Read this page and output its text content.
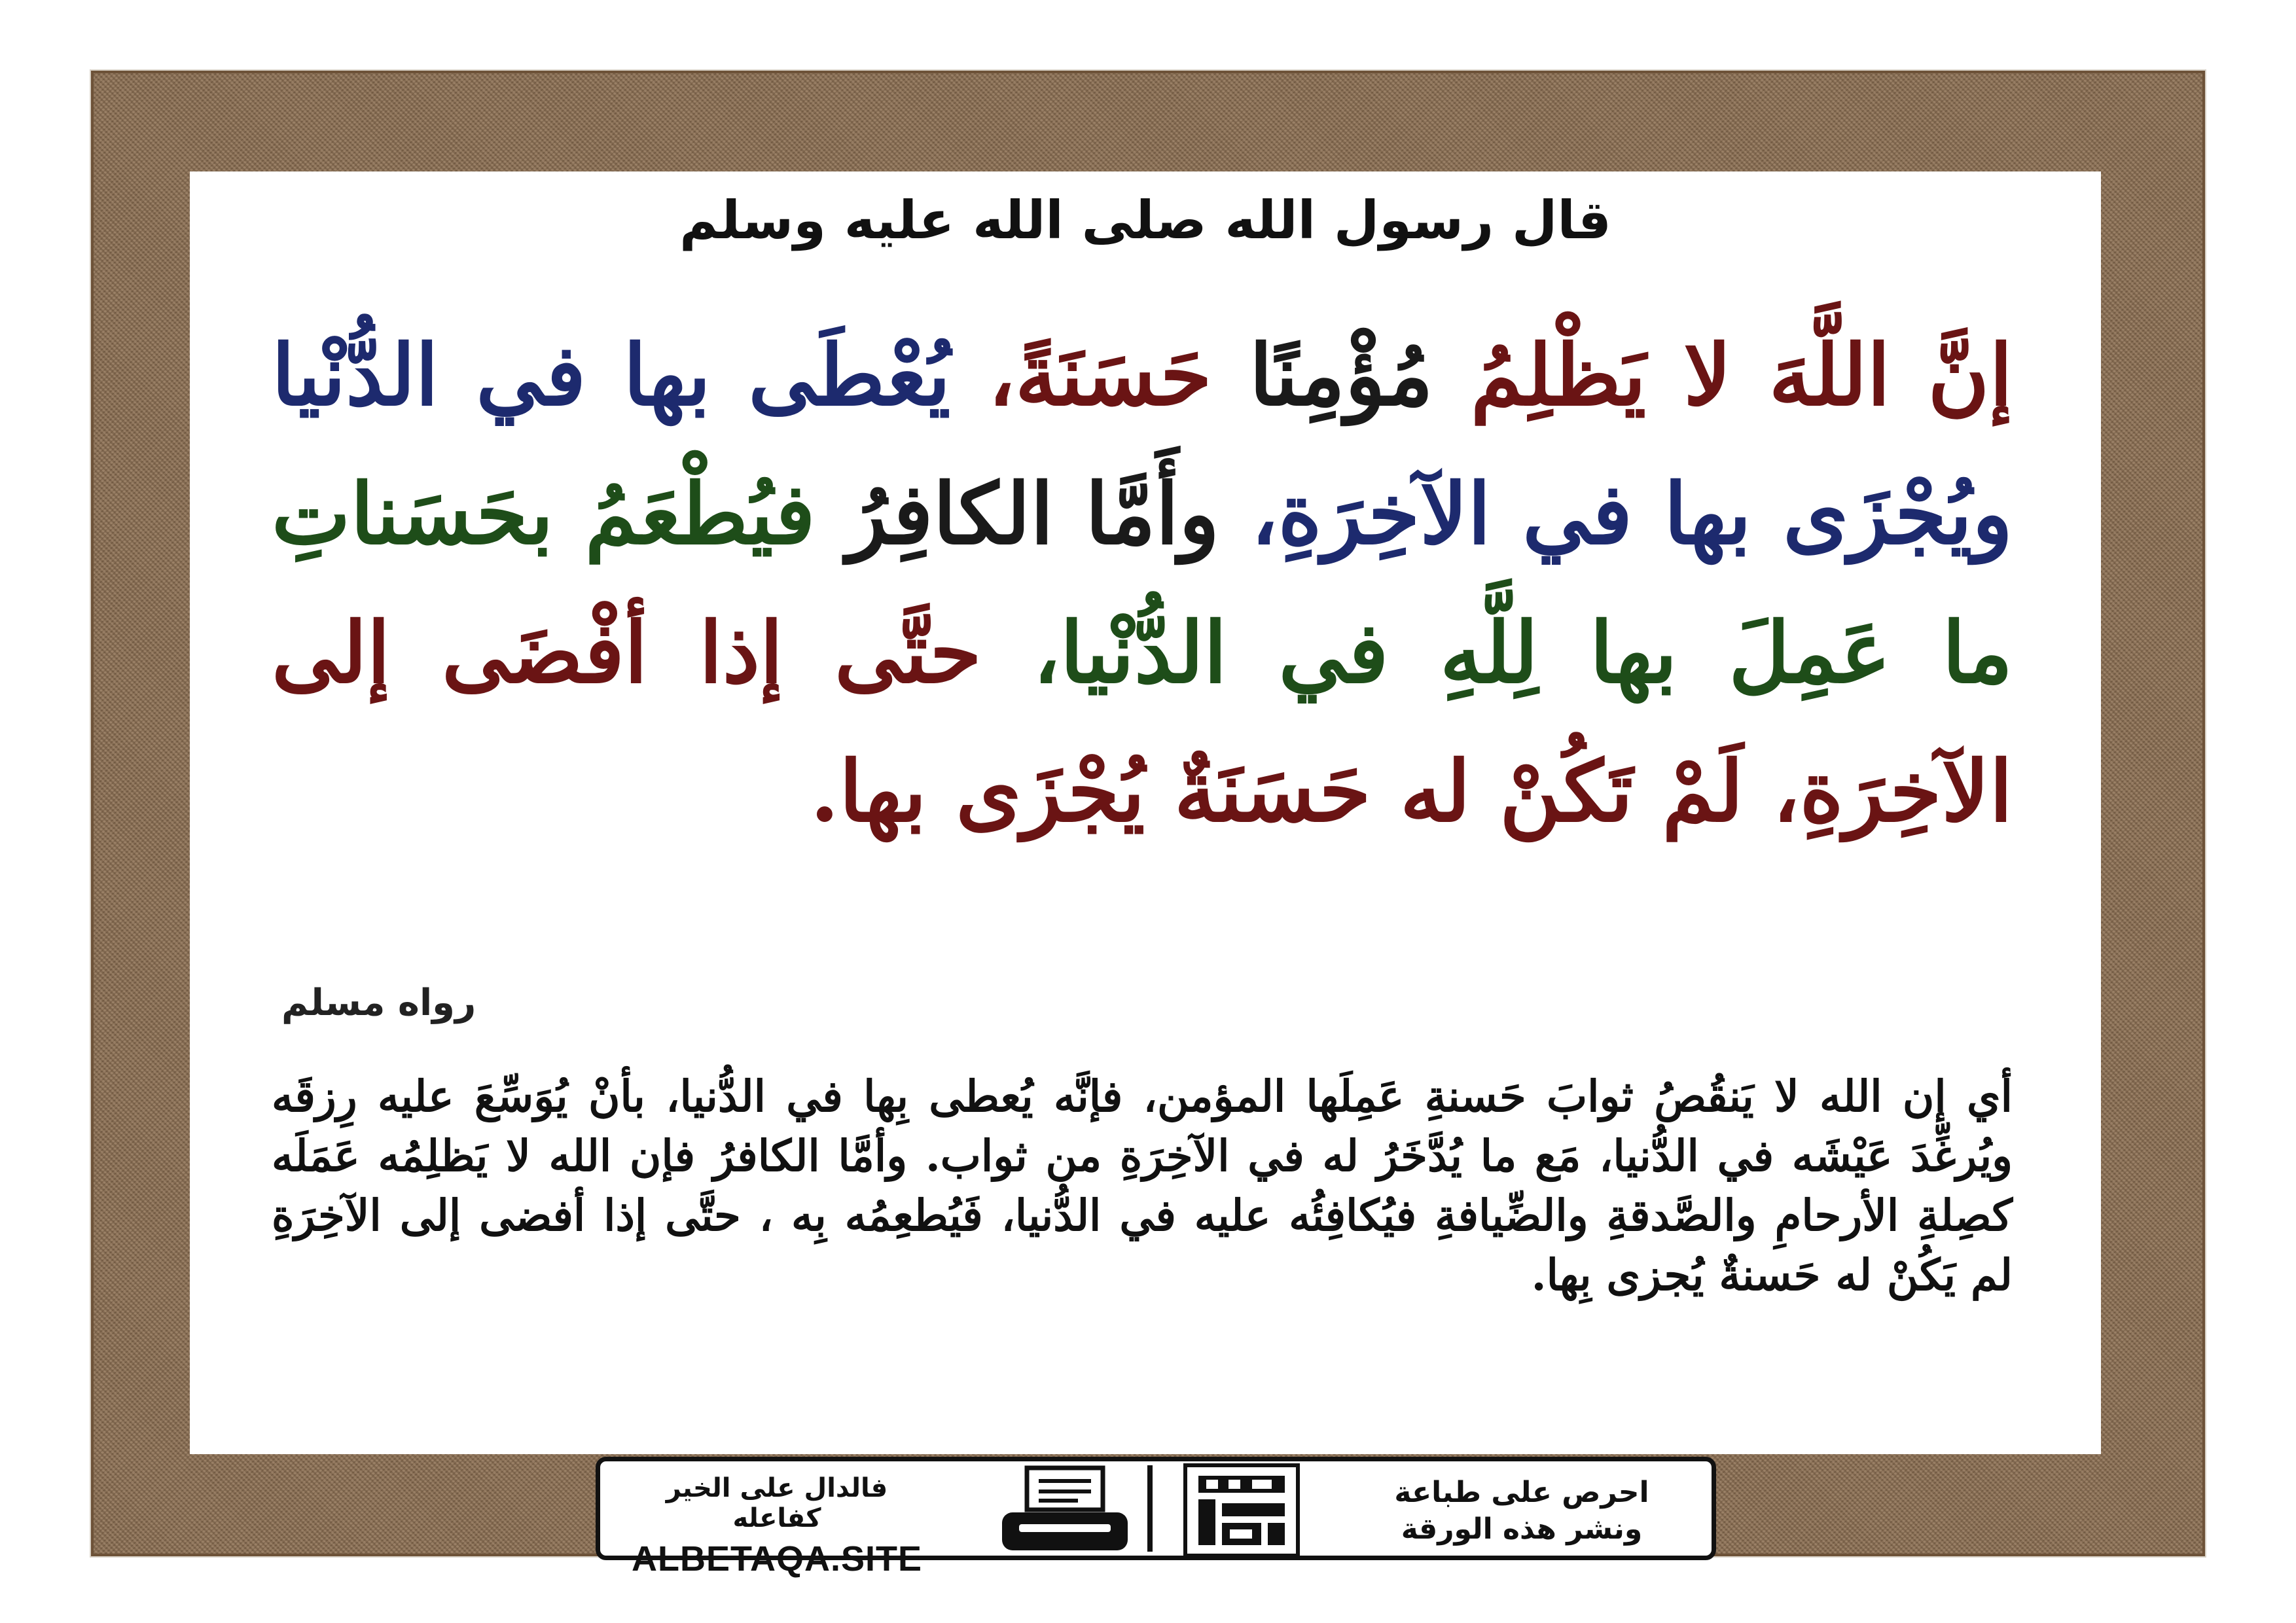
قال رسول الله صلى الله عليه وسلم
إنَّ اللَّهَ لا يَظْلِمُ مُؤْمِنًا حَسَنَةً، يُعْطَى بها في الدُّنْيا ويُجْزَى بها في الآخِرَةِ، وأَمَّا الكافِرُ فيُطْعَمُ بحَسَناتِ ما عَمِلَ بها لِلَّهِ في الدُّنْيا، حتَّى إذا أفْضَى إلى الآخِرَةِ، لَمْ تَكُنْ له حَسَنَةٌ يُجْزَى بها.
رواه مسلم
أي إن الله لا يَنقُصُ ثوابَ حَسنةِ عَمِلَها المؤمن، فإنَّه يُعطى بِها في الدُّنيا، بأنْ يُوَسِّعَ عليه رِزقَه ويُرغِّدَ عَيْشَه في الدُّنيا، مَع ما يُدَّخَرُ له في الآخِرَةِ من ثواب. وأمَّا الكافرُ فإن الله لا يَظلِمُه عَمَلَه كصِلةِ الأرحامِ والصَّدقةِ والضِّيافةِ فيُكافِئُه عليه في الدُّنيا، فَيُطعِمُه بِه ، حتَّى إذا أفضى إلى الآخِرَةِ لم يَكُنْ له حَسنةٌ يُجزى بِها.
فالدال على الخير كفاعله
ALBETAQA.SITE
احرص على طباعة
ونشر هذه الورقة
